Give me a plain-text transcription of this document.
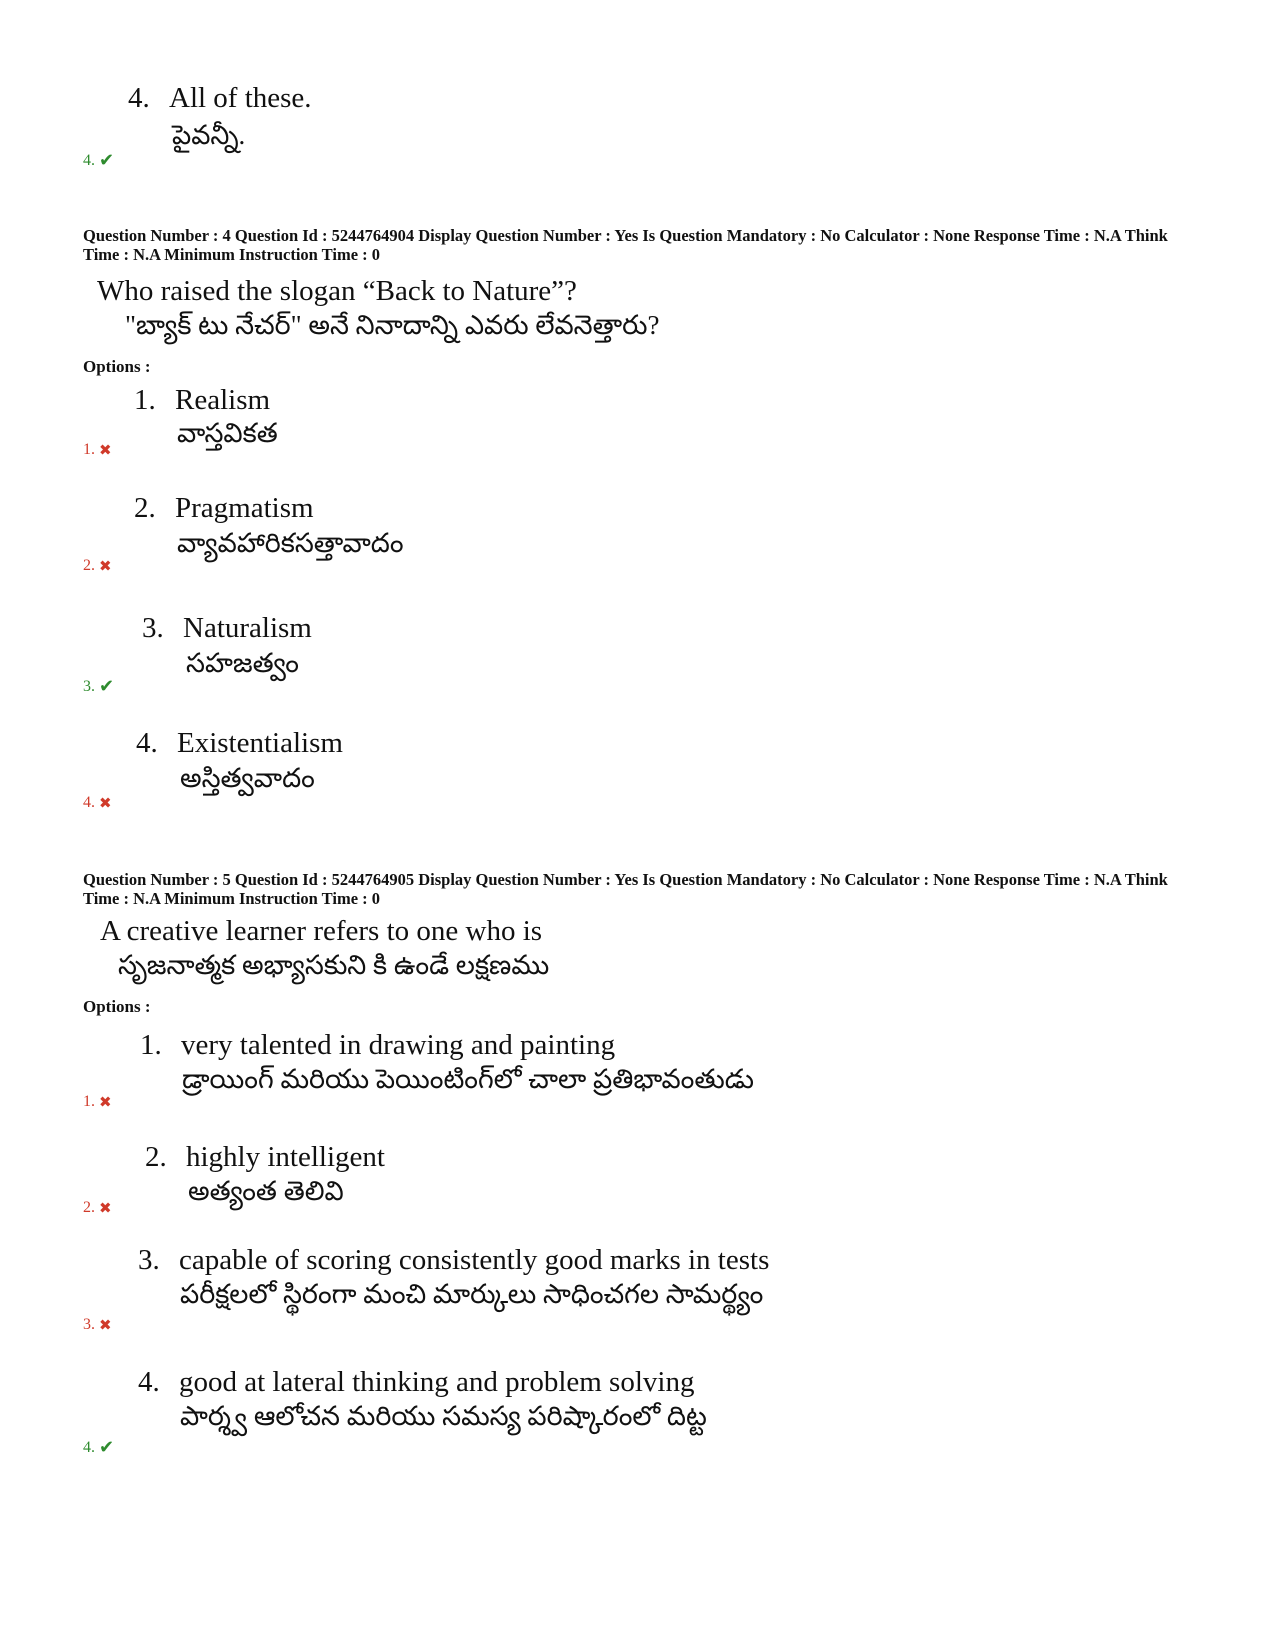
4. All of these.
పైవన్నీ.
4. ✔
Question Number : 4 Question Id : 5244764904 Display Question Number : Yes Is Question Mandatory : No Calculator : None Response Time : N.A Think Time : N.A Minimum Instruction Time : 0
Who raised the slogan “Back to Nature”?
"బ్యాక్ టు నేచర్" అనే నినాదాన్ని ఎవరు లేవనెత్తారు?
Options :
1. Realism
వాస్తవికత
1. ✖
2. Pragmatism
వ్యావహారికసత్తావాదం
2. ✖
3. Naturalism
సహజత్వం
3. ✔
4. Existentialism
అస్తిత్వవాదం
4. ✖
Question Number : 5 Question Id : 5244764905 Display Question Number : Yes Is Question Mandatory : No Calculator : None Response Time : N.A Think Time : N.A Minimum Instruction Time : 0
A creative learner refers to one who is
సృజనాత్మక అభ్యాసకుని కి ఉండే లక్షణము
Options :
1. very talented in drawing and painting
డ్రాయింగ్ మరియు పెయింటింగ్‌లో చాలా ప్రతిభావంతుడు
1. ✖
2. highly intelligent
అత్యంత తెలివి
2. ✖
3. capable of scoring consistently good marks in tests
పరీక్షలలో స్థిరంగా మంచి మార్కులు సాధించగల సామర్థ్యం
3. ✖
4. good at lateral thinking and problem solving
పార్శ్వ ఆలోచన మరియు సమస్య పరిష్కారంలో దిట్ట
4. ✔
